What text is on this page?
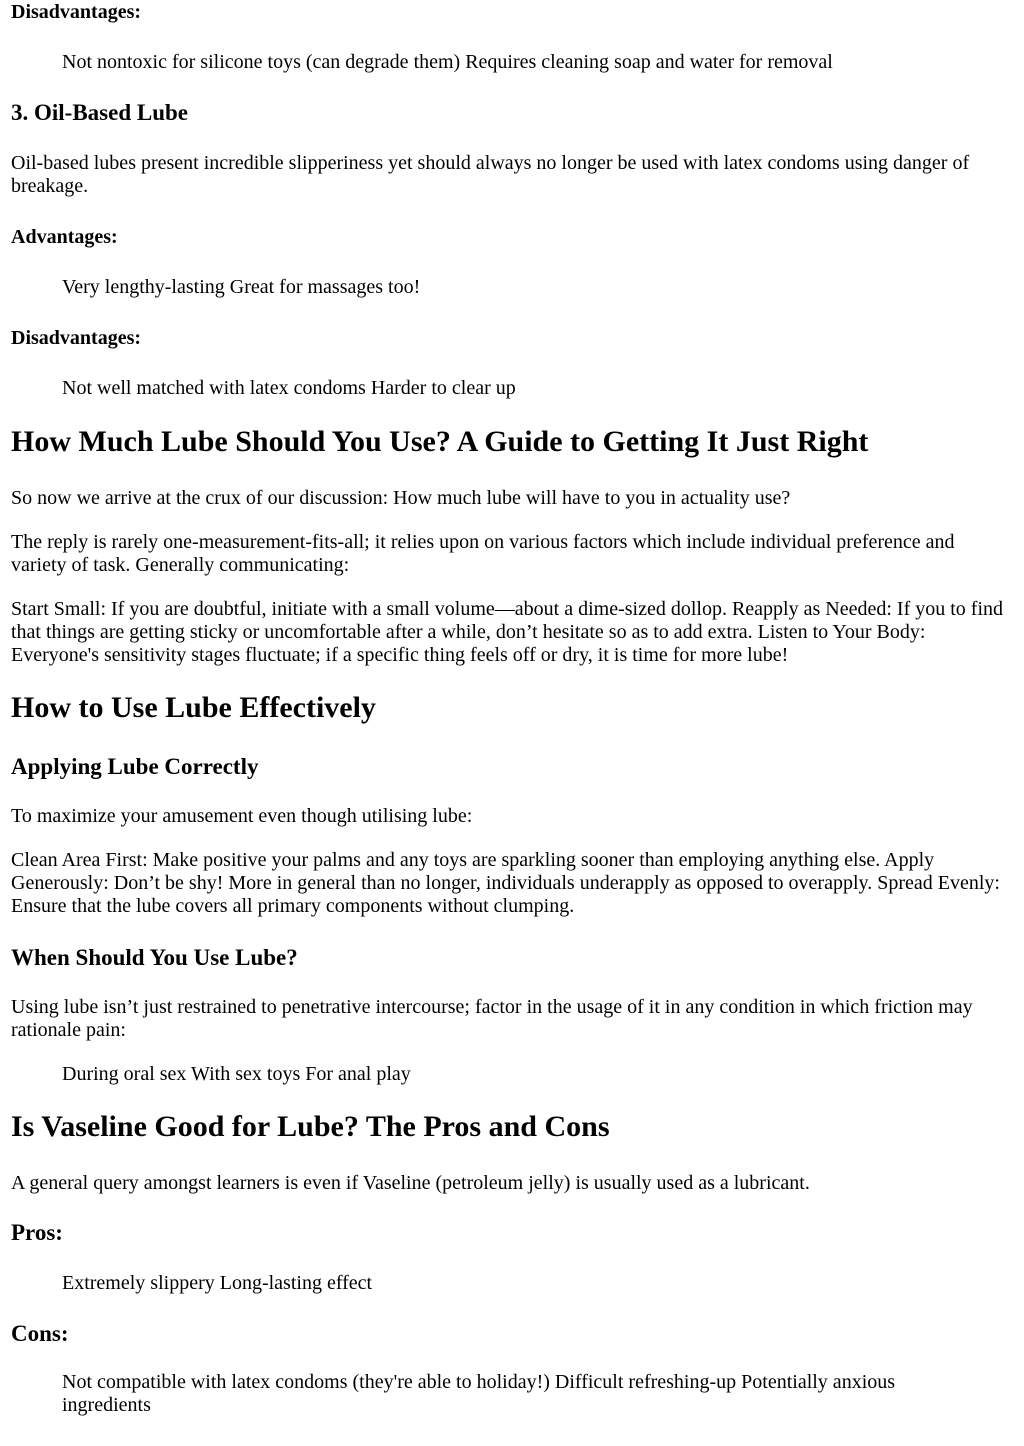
Disadvantages:

Not nontoxic for silicone toys (can degrade them) Requires cleaning soap and water for removal

3. Oil-Based Lube

Oil-based lubes present incredible slipperiness yet should always no longer be used with latex condoms using danger of breakage.

Advantages:

Very lengthy-lasting Great for massages too!

Disadvantages:

Not well matched with latex condoms Harder to clear up

How Much Lube Should You Use? A Guide to Getting It Just Right

So now we arrive at the crux of our discussion: How much lube will have to you in actuality use?

The reply is rarely one-measurement-fits-all; it relies upon on various factors which include individual preference and variety of task. Generally communicating:

Start Small: If you are doubtful, initiate with a small volume—about a dime-sized dollop. Reapply as Needed: If you to find that things are getting sticky or uncomfortable after a while, don’t hesitate so as to add extra. Listen to Your Body: Everyone's sensitivity stages fluctuate; if a specific thing feels off or dry, it is time for more lube!

How to Use Lube Effectively
Applying Lube Correctly

To maximize your amusement even though utilising lube:

Clean Area First: Make positive your palms and any toys are sparkling sooner than employing anything else. Apply Generously: Don’t be shy! More in general than no longer, individuals underapply as opposed to overapply. Spread Evenly: Ensure that the lube covers all primary components without clumping.

When Should You Use Lube?

Using lube isn’t just restrained to penetrative intercourse; factor in the usage of it in any condition in which friction may rationale pain:

During oral sex With sex toys For anal play

Is Vaseline Good for Lube? The Pros and Cons

A general query amongst learners is even if Vaseline (petroleum jelly) is usually used as a lubricant.

Pros:

Extremely slippery Long-lasting effect

Cons:

Not compatible with latex condoms (they're able to holiday!) Difficult refreshing-up Potentially anxious ingredients
